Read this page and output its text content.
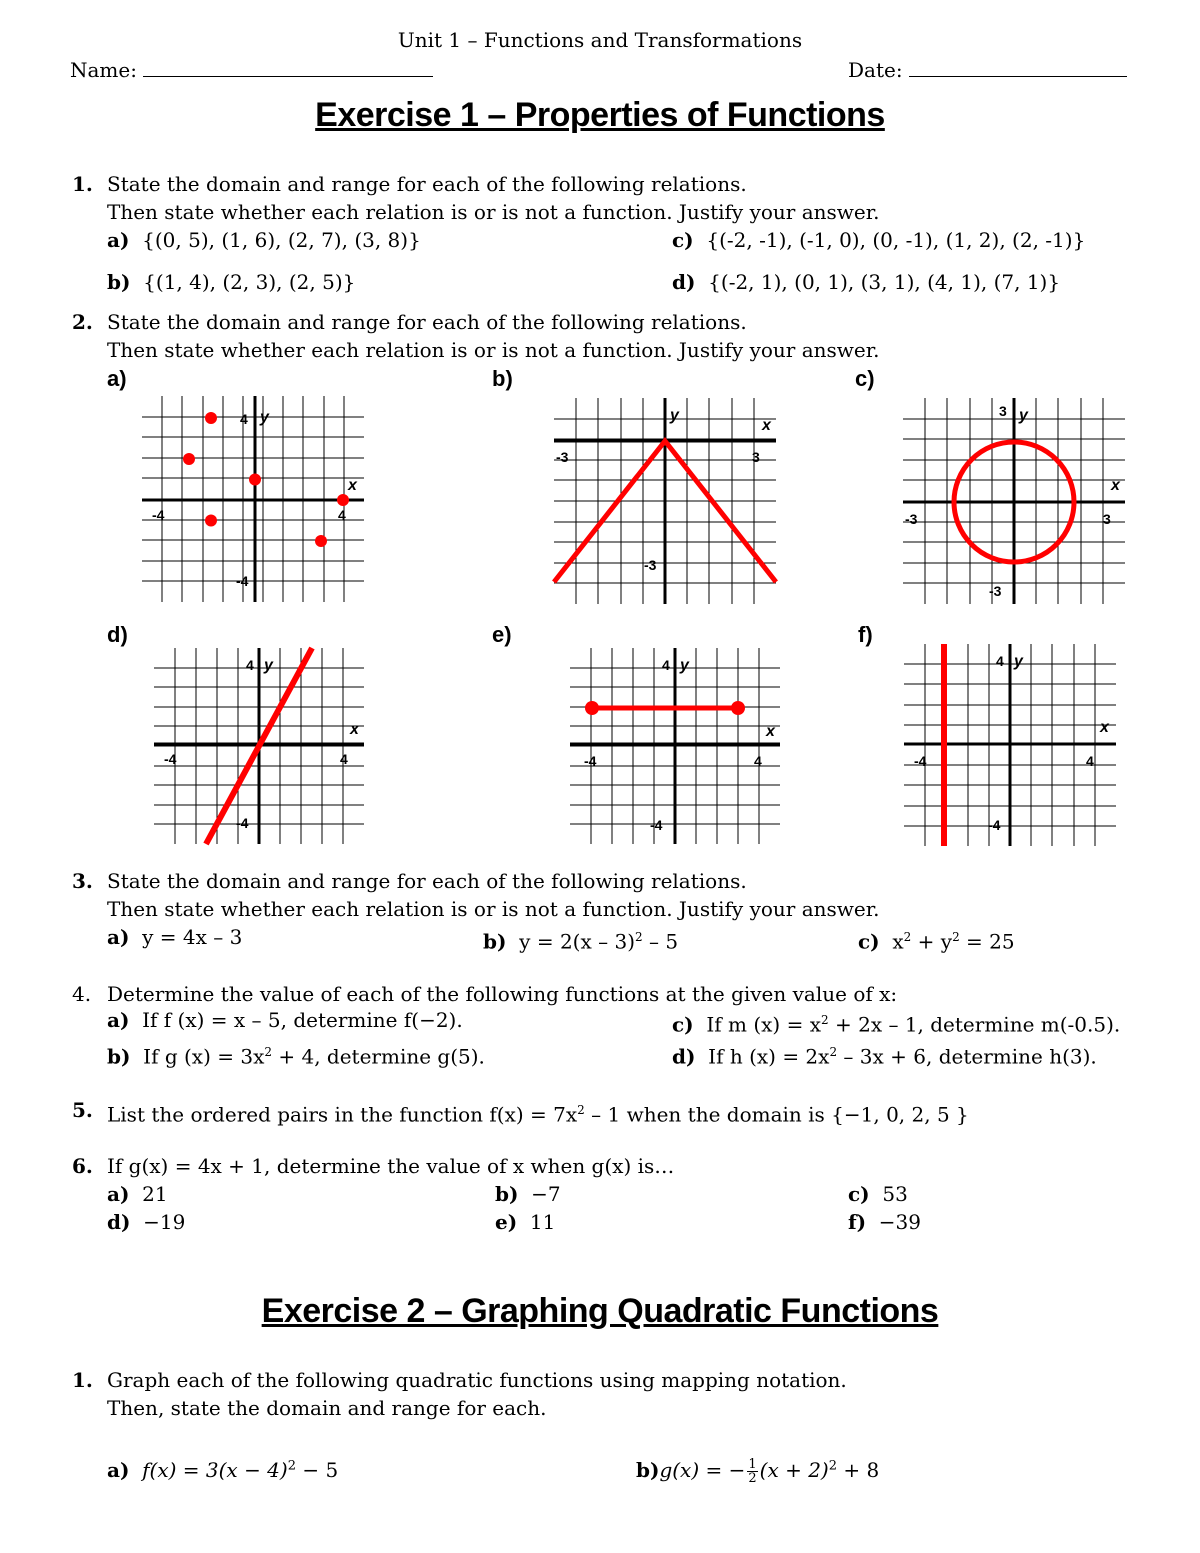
Unit 1 – Functions and Transformations
Name:	Date:
Exercise 1 – Properties of Functions
1. State the domain and range for each of the following relations.
Then state whether each relation is or is not a function. Justify your answer.
a) {(0, 5), (1, 6), (2, 7), (3, 8)}
b) {(1, 4), (2, 3), (2, 5)}
c) {(-2, -1), (-1, 0), (0, -1), (1, 2), (2, -1)}
d) {(-2, 1), (0, 1), (3, 1), (4, 1), (7, 1)}
2. State the domain and range for each of the following relations.
Then state whether each relation is or is not a function. Justify your answer.
a)	b)	c)
d)	e)	f)
-4	4
4
-4
x
y
-3	3
-3
x
y
-3	3
3
-3
x
y
-4	4
4
-4
x
y
-4	4
4
-4
x
y
-4	4
4
-4
x
y
3. State the domain and range for each of the following relations.
Then state whether each relation is or is not a function. Justify your answer.
a) y = 4x – 3	b) y = 2(x – 3)$^2$ – 5	c) $x^2 + y^2 = 25$
4. Determine the value of each of the following functions at the given value of x:
a) If f (x) = x – 5, determine f(−2).
b) If g $(x) = 3x^2 + 4$, determine g(5).
c) If m $(x) = x^2 + 2x - 1$, determine m(-0.5).
d) If h $(x) = 2x^2 - 3x + 6$, determine h(3).
5. List the ordered pairs in the function $f(x) = 7x^2 - 1$ when the domain is {−1, 0, 2, 5 }
6. If g(x) = 4x + 1, determine the value of x when g(x) is…
a) 21	b) −7	c) 53
d) −19	e) 11	f) −39
Exercise 2 – Graphing Quadratic Functions
1. Graph each of the following quadratic functions using mapping notation.
Then, state the domain and range for each.
a) $f(x) = 3(x - 4)^2 - 5$	b)g(x) = − $\frac{1}{2} (x + 2)^2 + 8$
